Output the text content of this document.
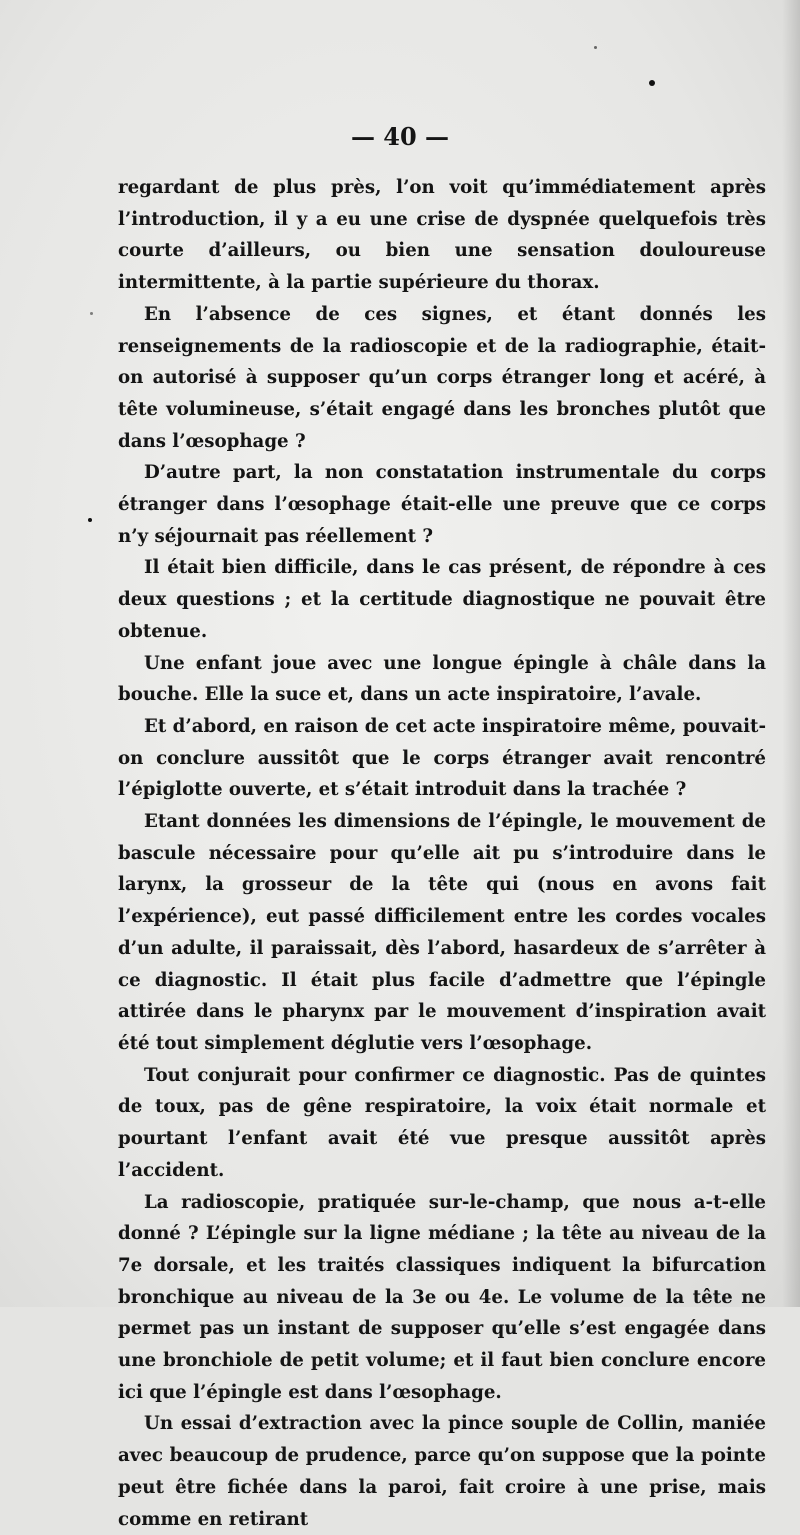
— 40 —

regardant de plus près, l’on voit qu’immédiatement après l’introduction, il y a eu une crise de dyspnée quelquefois très courte d’ailleurs, ou bien une sensation douloureuse intermittente, à la partie supérieure du thorax.

En l’absence de ces signes, et étant donnés les renseignements de la radioscopie et de la radiographie, était-on autorisé à supposer qu’un corps étranger long et acéré, à tête volumineuse, s’était engagé dans les bronches plutôt que dans l’œsophage ?

D’autre part, la non constatation instrumentale du corps étranger dans l’œsophage était-elle une preuve que ce corps n’y séjournait pas réellement ?

Il était bien difficile, dans le cas présent, de répondre à ces deux questions ; et la certitude diagnostique ne pouvait être obtenue.

Une enfant joue avec une longue épingle à châle dans la bouche. Elle la suce et, dans un acte inspiratoire, l’avale.

Et d’abord, en raison de cet acte inspiratoire même, pouvait-on conclure aussitôt que le corps étranger avait rencontré l’épiglotte ouverte, et s’était introduit dans la trachée ?

Etant données les dimensions de l’épingle, le mouvement de bascule nécessaire pour qu’elle ait pu s’introduire dans le larynx, la grosseur de la tête qui (nous en avons fait l’expérience), eut passé difficilement entre les cordes vocales d’un adulte, il paraissait, dès l’abord, hasardeux de s’arrêter à ce diagnostic. Il était plus facile d’admettre que l’épingle attirée dans le pharynx par le mouvement d’inspiration avait été tout simplement déglutie vers l’œsophage.

Tout conjurait pour confirmer ce diagnostic. Pas de quintes de toux, pas de gêne respiratoire, la voix était normale et pourtant l’enfant avait été vue presque aussitôt après l’accident.

La radioscopie, pratiquée sur-le-champ, que nous a-t-elle donné ? L’épingle sur la ligne médiane ; la tête au niveau de la 7e dorsale, et les traités classiques indiquent la bifurcation bronchique au niveau de la 3e ou 4e. Le volume de la tête ne permet pas un instant de supposer qu’elle s’est engagée dans une bronchiole de petit volume; et il faut bien conclure encore ici que l’épingle est dans l’œsophage.

Un essai d’extraction avec la pince souple de Collin, maniée avec beaucoup de prudence, parce qu’on suppose que la pointe peut être fichée dans la paroi, fait croire à une prise, mais comme en retirant
